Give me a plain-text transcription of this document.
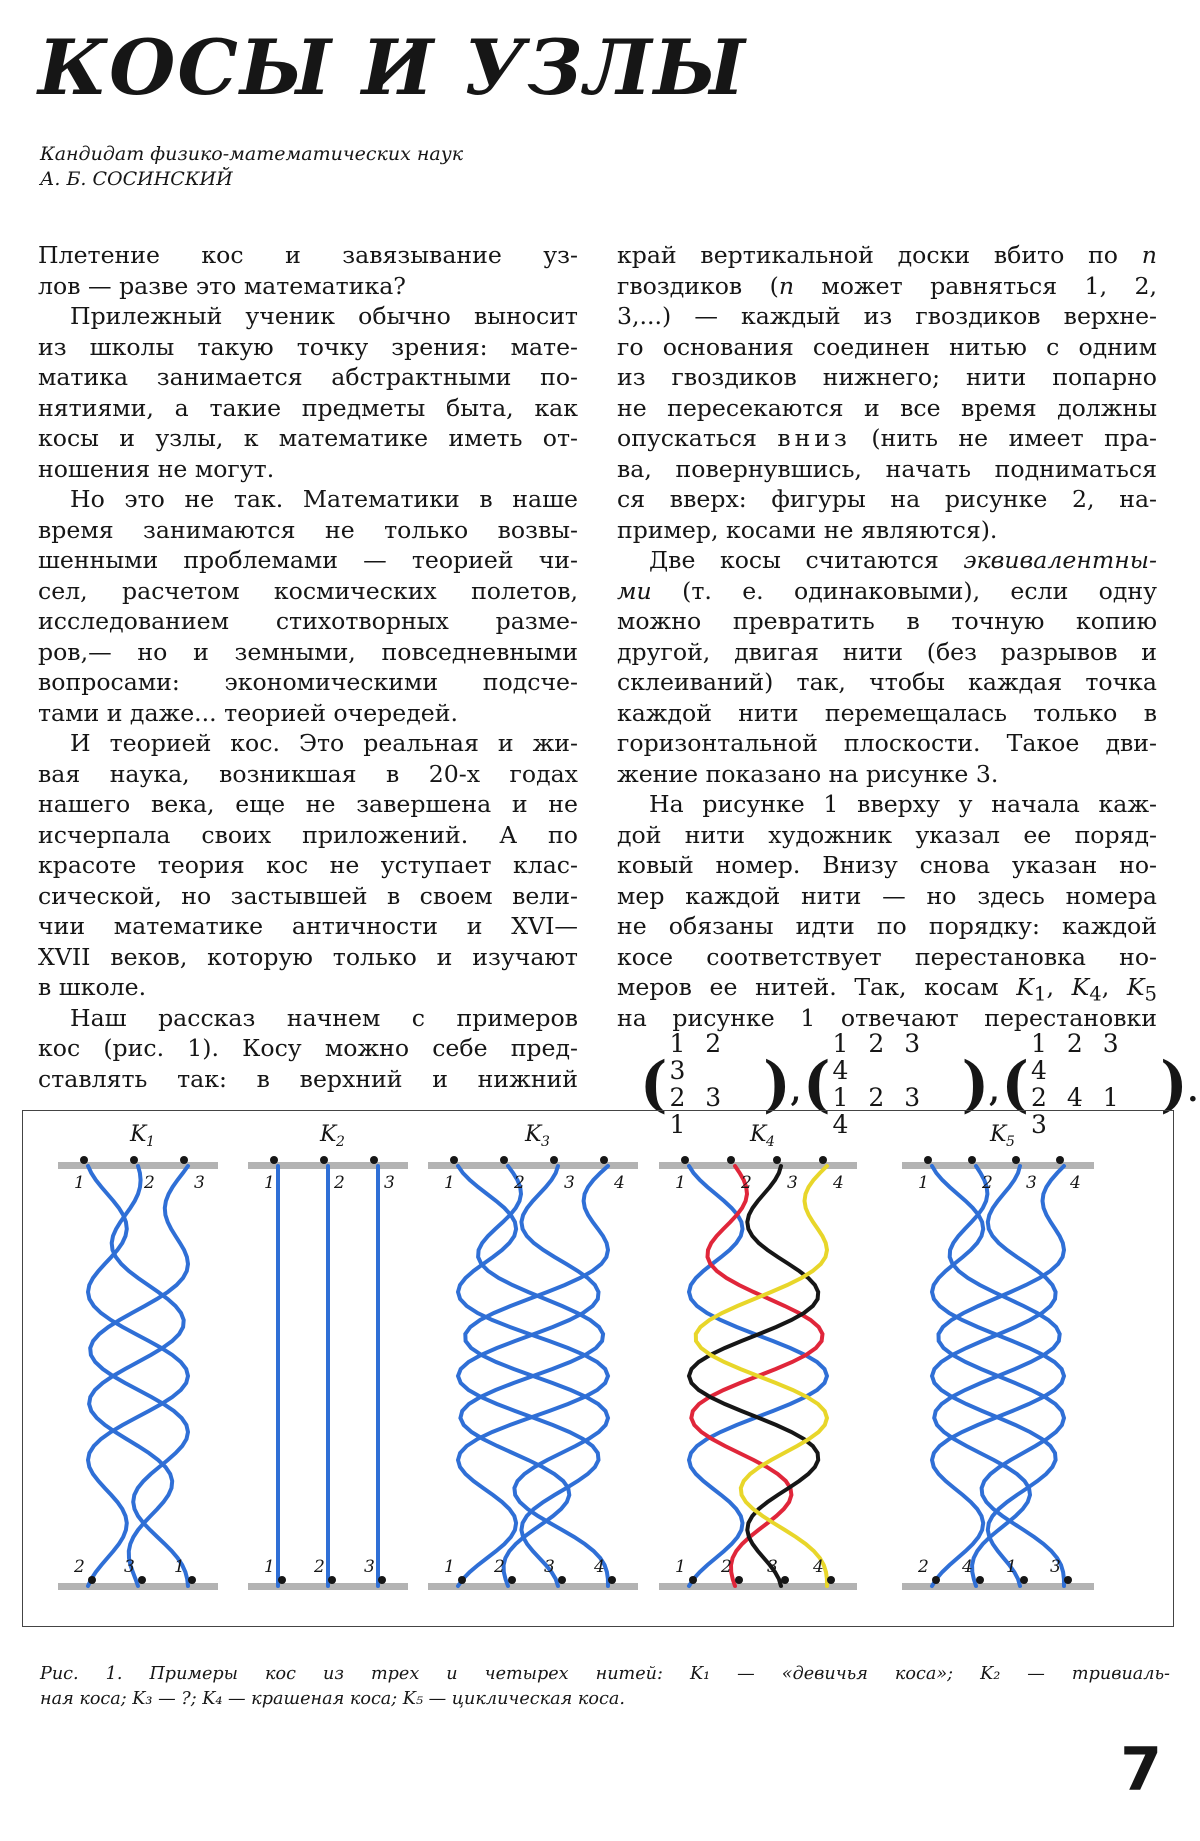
КОСЫ И УЗЛЫ
Кандидат физико-математических наук
А. Б. СОСИНСКИЙ
Плетение кос и завязывание уз-
лов — разве это математика?
Прилежный ученик обычно выносит
из школы такую точку зрения: мате-
матика занимается абстрактными по-
нятиями, а такие предметы быта, как
косы и узлы, к математике иметь от-
ношения не могут.
Но это не так. Математики в наше
время занимаются не только возвы-
шенными проблемами — теорией чи-
сел, расчетом космических полетов,
исследованием стихотворных разме-
ров,— но и земными, повседневными
вопросами: экономическими подсче-
тами и даже... теорией очередей.
И теорией кос. Это реальная и жи-
вая наука, возникшая в 20-х годах
нашего века, еще не завершена и не
исчерпала своих приложений. А по
красоте теория кос не уступает клас-
сической, но застывшей в своем вели-
чии математике античности и XVI—
XVII веков, которую только и изучают
в школе.
Наш рассказ начнем с примеров
кос (рис. 1). Косу можно себе пред-
ставлять так: в верхний и нижний
край вертикальной доски вбито по n
гвоздиков (n может равняться 1, 2,
3,...) — каждый из гвоздиков верхне-
го основания соединен нитью с одним
из гвоздиков нижнего; нити попарно
не пересекаются и все время должны
опускаться вниз (нить не имеет пра-
ва, повернувшись, начать подниматься
ся вверх: фигуры на рисунке 2, на-
пример, косами не являются).
Две косы считаются эквивалентны-
ми (т. е. одинаковыми), если одну
можно превратить в точную копию
другой, двигая нити (без разрывов и
склеиваний) так, чтобы каждая точка
каждой нити перемещалась только в
горизонтальной плоскости. Такое дви-
жение показано на рисунке 3.
На рисунке 1 вверху у начала каж-
дой нити художник указал ее поряд-
ковый номер. Внизу снова указан но-
мер каждой нити — но здесь номера
не обязаны идти по порядку: каждой
косе соответствует перестановка но-
меров ее нитей. Так, косам $K_1$, $K_4$, $K_5$
на рисунке 1 отвечают перестановки
(
1 2 3
2 3 1
) , (
1 2 3 4
1 2 3 4
) , (
1 2 3 4
2 4 1 3
) .
K 1
1
2
2
3
3
1
K 2
1
1
2
2
3
3
K 3
1
1
2
2
3
3
4
4
K 4
1
1
2
2
3
3
4
4
K 5
1
2
2
4
3
1
4
3
Рис. 1. Примеры кос из трех и четырех нитей: K₁ — «девичья коса»; K₂ — тривиаль-
ная коса; K₃ — ?; K₄ — крашеная коса; K₅ — циклическая коса.
7
